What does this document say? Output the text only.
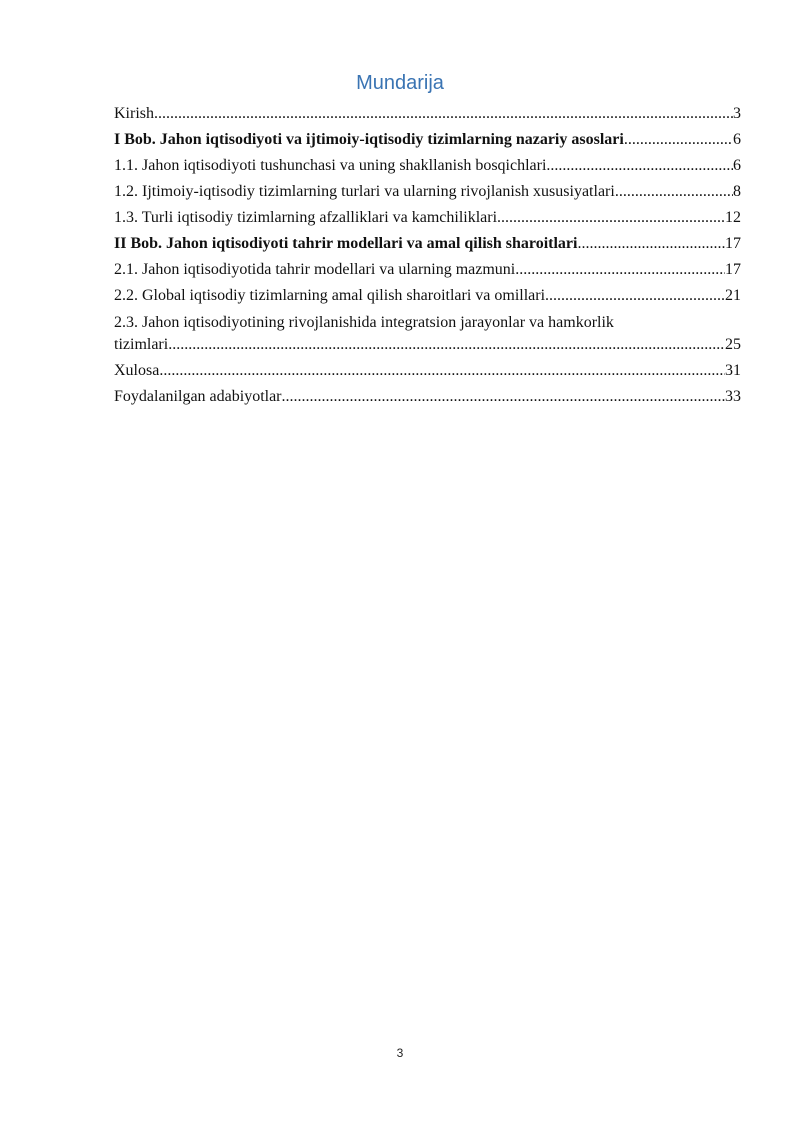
Mundarija
Kirish .....	3
I Bob. Jahon iqtisodiyoti va ijtimoiy-iqtisodiy tizimlarning nazariy asoslari .....	6
1.1. Jahon iqtisodiyoti tushunchasi va uning shakllanish bosqichlari .....	6
1.2. Ijtimoiy-iqtisodiy tizimlarning turlari va ularning rivojlanish xususiyatlari .....	8
1.3. Turli iqtisodiy tizimlarning afzalliklari va kamchiliklari .....	12
II Bob. Jahon iqtisodiyoti tahrir modellari va amal qilish sharoitlari .....	17
2.1. Jahon iqtisodiyotida tahrir modellari va ularning mazmuni .....	17
2.2. Global iqtisodiy tizimlarning amal qilish sharoitlari va omillari .....	21
2.3. Jahon iqtisodiyotining rivojlanishida integratsion jarayonlar va hamkorlik
tizimlari .....	25
Xulosa .....	31
Foydalanilgan adabiyotlar .....	33
3
